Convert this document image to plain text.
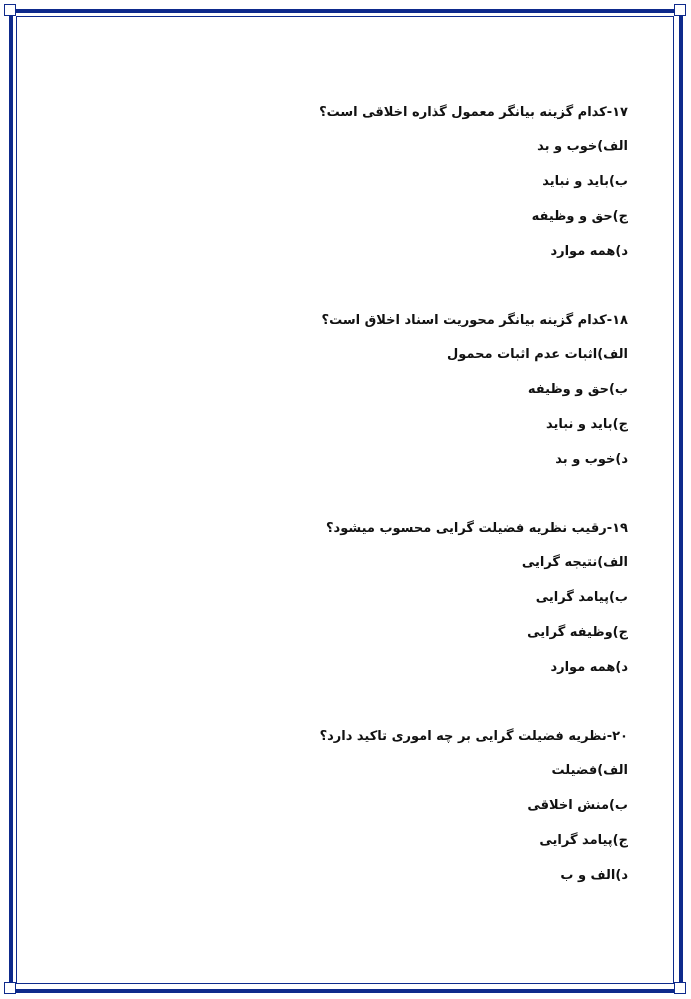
۱۷-کدام گزینه بیانگر معمول گذاره اخلاقی است؟
الف)خوب و بد
ب)باید و نباید
ج)حق و وظیفه
د)همه موارد
۱۸-کدام گزینه بیانگر محوریت اسناد اخلاق است؟
الف)اثبات عدم اثبات محمول
ب)حق و وظیفه
ج)باید و نباید
د)خوب و بد
۱۹-رقیب نظریه فضیلت گرایی محسوب میشود؟
الف)نتیجه گرایی
ب)پیامد گرایی
ج)وظیفه گرایی
د)همه موارد
۲۰-نظریه فضیلت گرایی بر چه اموری تاکید دارد؟
الف)فضیلت
ب)منش اخلاقی
ج)پیامد گرایی
د)الف و ب
